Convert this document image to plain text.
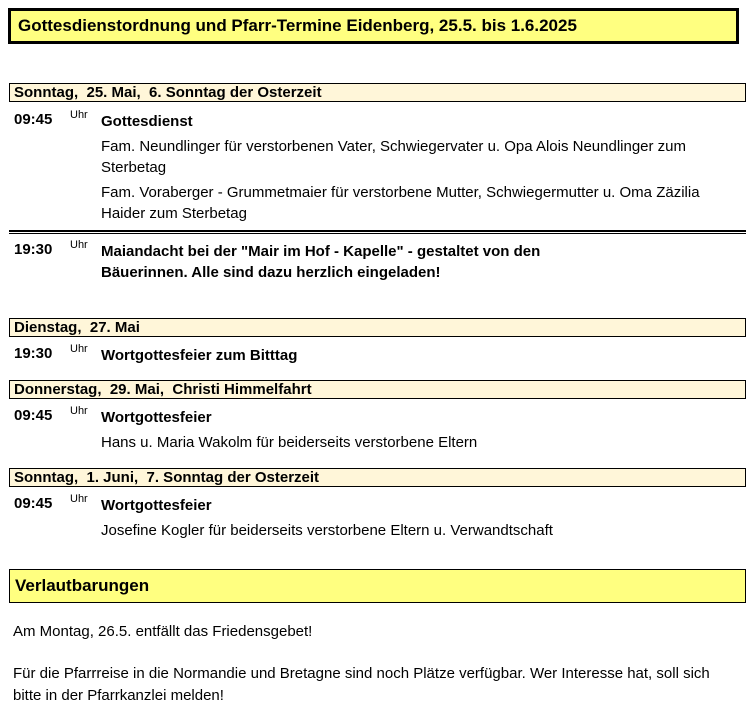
Gottesdienstordnung und Pfarr-Termine Eidenberg, 25.5. bis 1.6.2025
Sonntag,  25. Mai,  6. Sonntag der Osterzeit
09:45 Uhr Gottesdienst
Fam. Neundlinger für verstorbenen Vater, Schwiegervater u. Opa Alois Neundlinger zum Sterbetag
Fam. Voraberger - Grummetmaier für verstorbene Mutter, Schwiegermutter u. Oma Zäzilia Haider zum Sterbetag
19:30 Uhr Maiandacht bei der "Mair im Hof - Kapelle" - gestaltet von den Bäuerinnen. Alle sind dazu herzlich eingeladen!
Dienstag,  27. Mai
19:30 Uhr Wortgottesfeier zum Bitttag
Donnerstag,  29. Mai,  Christi Himmelfahrt
09:45 Uhr Wortgottesfeier
Hans u. Maria Wakolm für beiderseits verstorbene Eltern
Sonntag,  1. Juni,  7. Sonntag der Osterzeit
09:45 Uhr Wortgottesfeier
Josefine Kogler für beiderseits verstorbene Eltern u. Verwandtschaft
Verlautbarungen
Am Montag, 26.5. entfällt das Friedensgebet!
Für die Pfarrreise in die Normandie und Bretagne sind noch Plätze verfügbar. Wer Interesse hat, soll sich bitte in der Pfarrkanzlei melden!
